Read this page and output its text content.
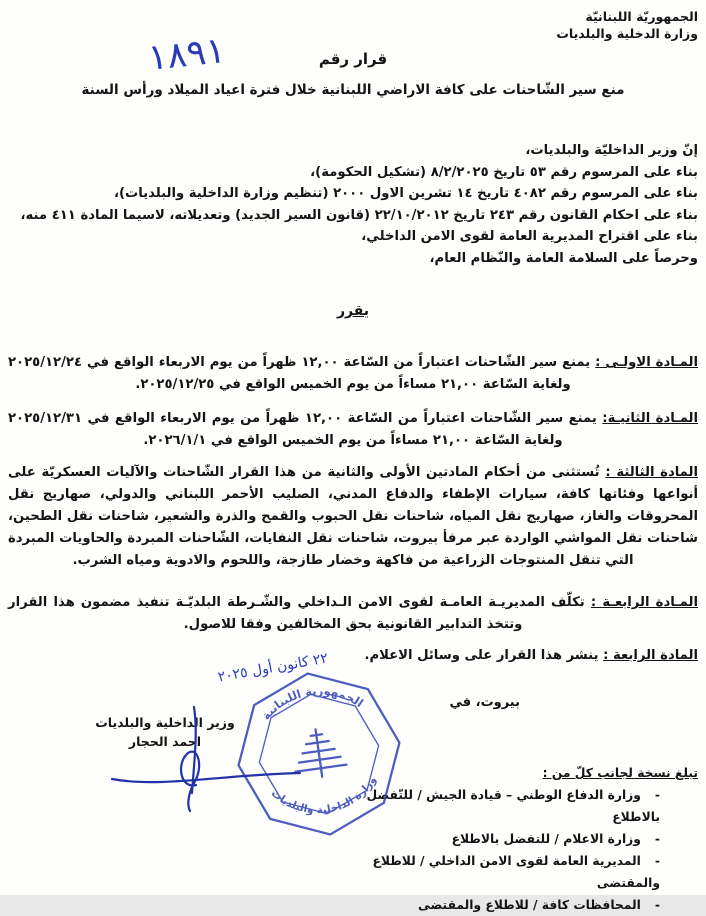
الجمهوريّة اللبنانيّة
وزارة الدخلية والبلديات
قرار رقم
١٨٩١
منع سير الشّاحنات على كافة الاراضي اللبنانية خلال فترة اعياد الميلاد ورأس السنة
إنّ وزير الداخليّة والبلديات،
بناء على المرسوم رقم ٥٣ تاريخ ٨/٢/٢٠٢٥ (تشكيل الحكومة)،
بناء على المرسوم رقم ٤٠٨٢ تاريخ ١٤ تشرين الاول ٢٠٠٠ (تنظيم وزارة الداخلية والبلديات)،
بناء على احكام القانون رقم ٢٤٣ تاريخ ٢٢/١٠/٢٠١٢ (قانون السير الجديد) وتعديلاته، لاسيما المادة ٤١١ منه،
بناء على اقتراح المديرية العامة لقوى الامن الداخلي،
وحرصاً على السلامة العامة والنّظام العام،
يقرر

المـادة الاولـى : يمنع سير الشّاحنات اعتباراً من السّاعة ١٢,٠٠ ظهراً من يوم الاربعاء الواقع في ٢٠٢٥/١٢/٢٤ ولغاية السّاعة ٢١,٠٠ مساءاً من يوم الخميس الواقع في ٢٠٢٥/١٢/٢٥.

المـادة الثانيـة: يمنع سير الشّاحنات اعتباراً من السّاعة ١٢,٠٠ ظهراً من يوم الاربعاء الواقع في ٢٠٢٥/١٢/٣١ ولغاية السّاعة ٢١,٠٠ مساءاً من يوم الخميس الواقع في ٢٠٢٦/١/١.

المادة الثالثة : تُستثنى من أحكام المادتين الأولى والثانية من هذا القرار الشّاحنات والآليات العسكريّة على أنواعها وفئاتها كافة، سيارات الإطفاء والدفاع المدني، الصليب الأحمر اللبناني والدولي، صهاريج نقل المحروقات والغاز، صهاريج نقل المياه، شاحنات نقل الحبوب والقمح والذرة والشعير، شاحنات نقل الطحين، شاحنات نقل المواشي الواردة عبر مرفأ بيروت، شاحنات نقل النفايات، الشّاحنات المبردة والحاويات المبردة التي تنقل المنتوجات الزراعية من فاكهة وخضار طازجة، واللحوم والادوية ومياه الشرب.

المـادة الرابعـة : تكلّف المديريـة العامـة لقوى الامن الـداخلي والشّـرطة البلديّـة تنفيذ مضمون هذا القرار وتتخذ التدابير القانونية بحق المخالفين وفقا للاصول.

المادة الرابعة : ينشر هذا القرار على وسائل الاعلام.

بيروت، في
٢٢ كانون أول ٢٠٢٥
الجمهورية اللبنانية
وزارة الداخلية والبلديات
وزير الداخلية والبلديات
احمد الحجار
تبلغ نسخة لجانب كلّ من :
-وزارة الدفاع الوطني – قيادة الجيش / للتّفضل بالاطلاع
-وزارة الاعلام / للتفضل بالاطلاع
-المديرية العامة لقوى الامن الداخلي / للاطلاع والمقتضى
-المحافظات كافة / للاطلاع والمقتضى
